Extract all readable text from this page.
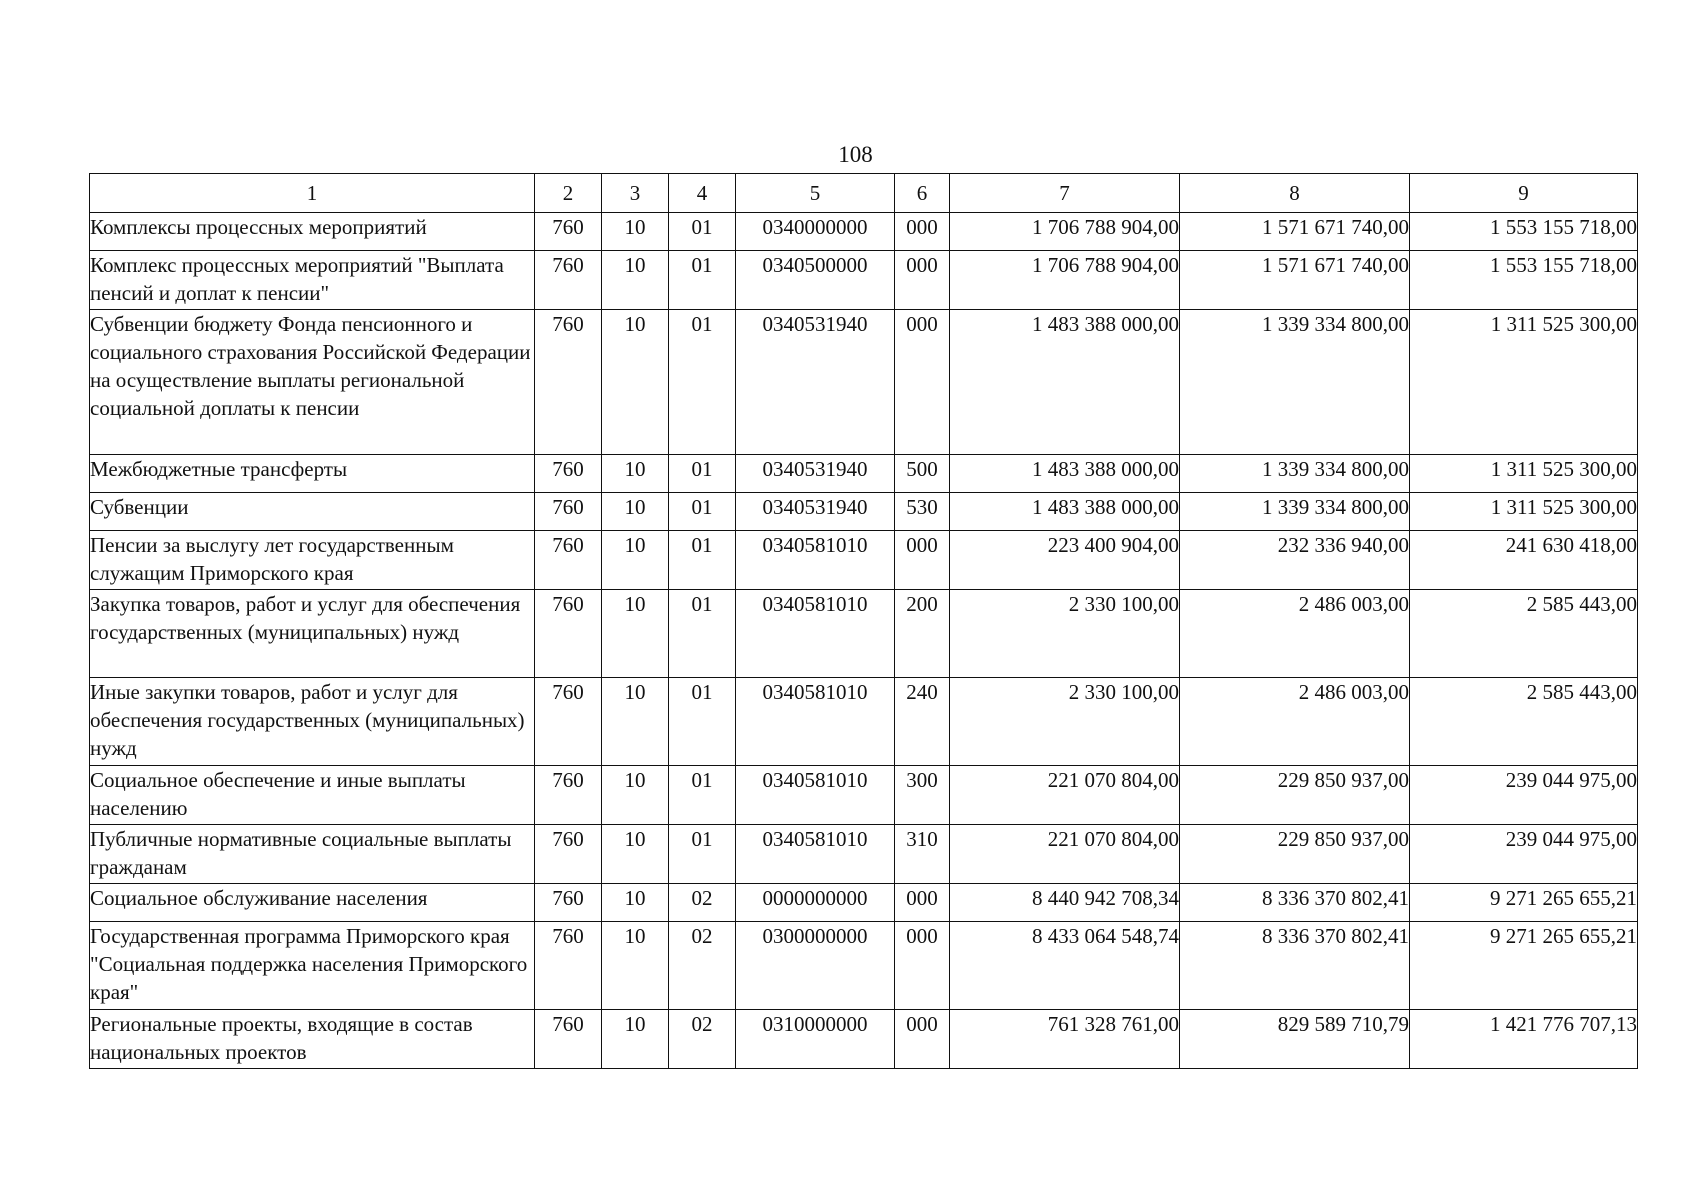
108
1	2	3	4	5	6	7	8	9
Комплексы процессных мероприятий	760	10	01	0340000000	000	1 706 788 904,00	1 571 671 740,00	1 553 155 718,00
Комплекс процессных мероприятий "Выплата пенсий и доплат к пенсии"	760	10	01	0340500000	000	1 706 788 904,00	1 571 671 740,00	1 553 155 718,00
Субвенции бюджету Фонда пенсионного и социального страхования Российской Федерации на осуществление выплаты региональной социальной доплаты к пенсии	760	10	01	0340531940	000	1 483 388 000,00	1 339 334 800,00	1 311 525 300,00
Межбюджетные трансферты	760	10	01	0340531940	500	1 483 388 000,00	1 339 334 800,00	1 311 525 300,00
Субвенции	760	10	01	0340531940	530	1 483 388 000,00	1 339 334 800,00	1 311 525 300,00
Пенсии за выслугу лет государственным служащим Приморского края	760	10	01	0340581010	000	223 400 904,00	232 336 940,00	241 630 418,00
Закупка товаров, работ и услуг для обеспечения государственных (муниципальных) нужд	760	10	01	0340581010	200	2 330 100,00	2 486 003,00	2 585 443,00
Иные закупки товаров, работ и услуг для обеспечения государственных (муниципальных) нужд	760	10	01	0340581010	240	2 330 100,00	2 486 003,00	2 585 443,00
Социальное обеспечение и иные выплаты населению	760	10	01	0340581010	300	221 070 804,00	229 850 937,00	239 044 975,00
Публичные нормативные социальные выплаты гражданам	760	10	01	0340581010	310	221 070 804,00	229 850 937,00	239 044 975,00
Социальное обслуживание населения	760	10	02	0000000000	000	8 440 942 708,34	8 336 370 802,41	9 271 265 655,21
Государственная программа Приморского края "Социальная поддержка населения Приморского края"	760	10	02	0300000000	000	8 433 064 548,74	8 336 370 802,41	9 271 265 655,21
Региональные проекты, входящие в состав национальных проектов	760	10	02	0310000000	000	761 328 761,00	829 589 710,79	1 421 776 707,13
